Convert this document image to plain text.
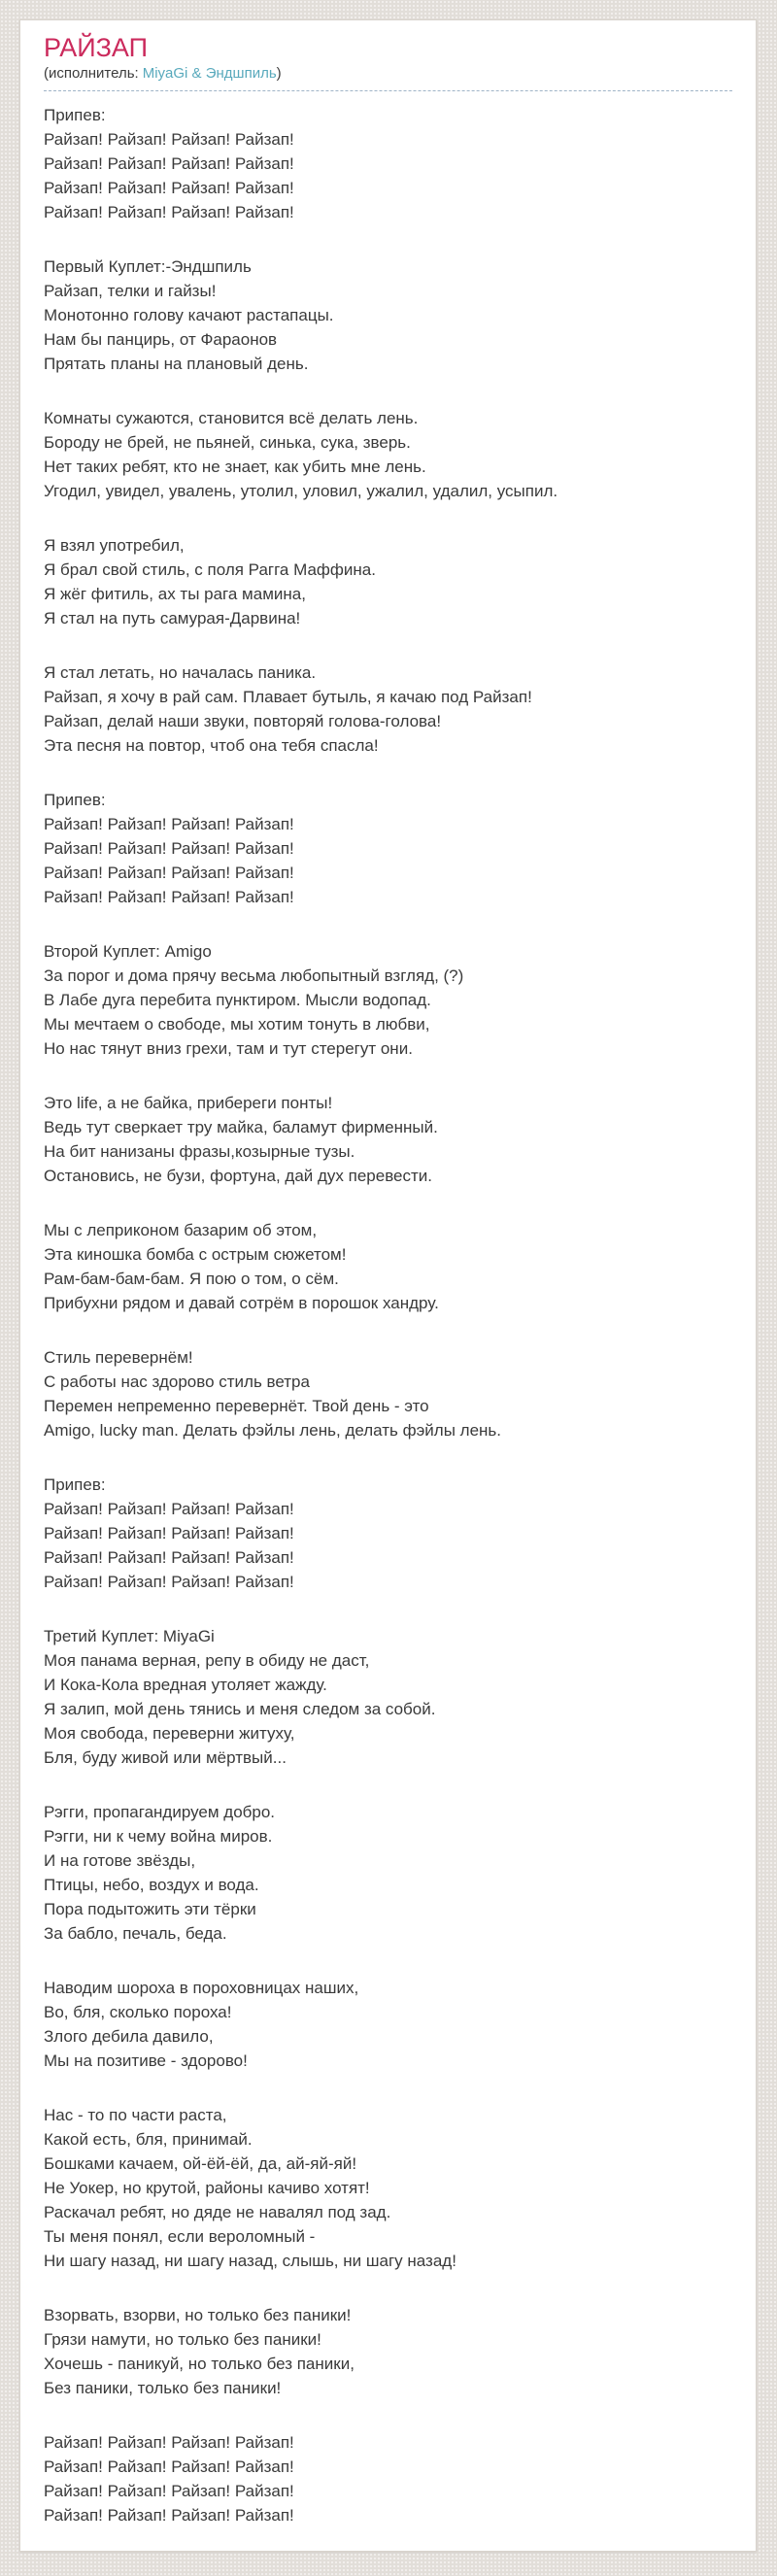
РАЙЗАП

(исполнитель: MiyaGi & Эндшпиль)

Припев:
Райзап! Райзап! Райзап! Райзап!
Райзап! Райзап! Райзап! Райзап!
Райзап! Райзап! Райзап! Райзап!
Райзап! Райзап! Райзап! Райзап!

Первый Куплет:-Эндшпиль
Райзап, телки и гайзы!
Монотонно голову качают растапацы.
Нам бы панцирь, от Фараонов
Прятать планы на плановый день.

Комнаты сужаются, становится всё делать лень.
Бороду не брей, не пьяней, синька, сука, зверь.
Нет таких ребят, кто не знает, как убить мне лень.
Угодил, увидел, увалень, утолил, уловил, ужалил, удалил, усыпил.

Я взял употребил,
Я брал свой стиль, с поля Рагга Маффина.
Я жёг фитиль, ах ты рага мамина,
Я стал на путь самурая-Дарвина!

Я стал летать, но началась паника.
Райзап, я хочу в рай сам. Плавает бутыль, я качаю под Райзап!
Райзап, делай наши звуки, повторяй голова-голова!
Эта песня на повтор, чтоб она тебя спасла!

Припев:
Райзап! Райзап! Райзап! Райзап!
Райзап! Райзап! Райзап! Райзап!
Райзап! Райзап! Райзап! Райзап!
Райзап! Райзап! Райзап! Райзап!

Второй Куплет: Amigo
За порог и дома прячу весьма любопытный взгляд, (?)
В Лабе дуга перебита пунктиром. Мысли водопад.
Мы мечтаем о свободе, мы хотим тонуть в любви,
Но нас тянут вниз грехи, там и тут стерегут они.

Это life, а не байка, прибереги понты!
Ведь тут сверкает тру майка, баламут фирменный.
На бит нанизаны фразы,козырные тузы.
Остановись, не бузи, фортуна, дай дух перевести.

Мы с леприконом базарим об этом,
Эта киношка бомба с острым сюжетом!
Рам-бам-бам-бам. Я пою о том, о сём.
Прибухни рядом и давай сотрём в порошок хандру.

Стиль перевернём!
С работы нас здорово стиль ветра
Перемен непременно перевернёт. Твой день - это
Amigo, lucky man. Делать фэйлы лень, делать фэйлы лень.

Припев:
Райзап! Райзап! Райзап! Райзап!
Райзап! Райзап! Райзап! Райзап!
Райзап! Райзап! Райзап! Райзап!
Райзап! Райзап! Райзап! Райзап!

Третий Куплет: MiyaGi
Моя панама верная, репу в обиду не даст,
И Кока-Кола вредная утоляет жажду.
Я залип, мой день тянись и меня следом за собой.
Моя свобода, переверни житуху,
Бля, буду живой или мёртвый...

Рэгги, пропагандируем добро.
Рэгги, ни к чему война миров.
И на готове звёзды,
Птицы, небо, воздух и вода.
Пора подытожить эти тёрки
За бабло, печаль, беда.

Наводим шороха в пороховницах наших,
Во, бля, сколько пороха!
Злого дебила давило,
Мы на позитиве - здорово!

Нас - то по части раста,
Какой есть, бля, принимай.
Бошками качаем, ой-ёй-ёй, да, ай-яй-яй!
Не Уокер, но крутой, районы качиво хотят!
Раскачал ребят, но дяде не навалял под зад.
Ты меня понял, если вероломный -
Ни шагу назад, ни шагу назад, слышь, ни шагу назад!

Взорвать, взорви, но только без паники!
Грязи намути, но только без паники!
Хочешь - паникуй, но только без паники,
Без паники, только без паники!

Райзап! Райзап! Райзап! Райзап!
Райзап! Райзап! Райзап! Райзап!
Райзап! Райзап! Райзап! Райзап!
Райзап! Райзап! Райзап! Райзап!
